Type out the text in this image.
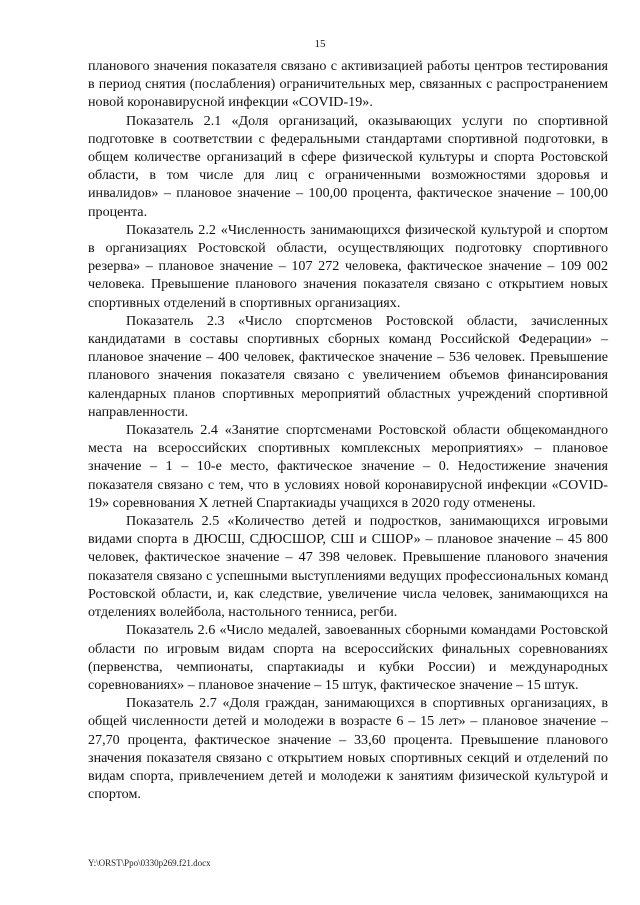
15

планового значения показателя связано с активизацией работы центров тестирования в период снятия (послабления) ограничительных мер, связанных с распространением новой коронавирусной инфекции «COVID-19».

Показатель 2.1 «Доля организаций, оказывающих услуги по спортивной подготовке в соответствии с федеральными стандартами спортивной подготовки, в общем количестве организаций в сфере физической культуры и спорта Ростовской области, в том числе для лиц с ограниченными возможностями здоровья и инвалидов» – плановое значение – 100,00 процента, фактическое значение – 100,00 процента.

Показатель 2.2 «Численность занимающихся физической культурой и спортом в организациях Ростовской области, осуществляющих подготовку спортивного резерва» – плановое значение – 107 272 человека, фактическое значение – 109 002 человека. Превышение планового значения показателя связано с открытием новых спортивных отделений в спортивных организациях.

Показатель 2.3 «Число спортсменов Ростовской области, зачисленных кандидатами в составы спортивных сборных команд Российской Федерации» – плановое значение – 400 человек, фактическое значение – 536 человек. Превышение планового значения показателя связано с увеличением объемов финансирования календарных планов спортивных мероприятий областных учреждений спортивной направленности.

Показатель 2.4 «Занятие спортсменами Ростовской области общекомандного места на всероссийских спортивных комплексных мероприятиях» – плановое значение – 1 – 10-е место, фактическое значение – 0. Недостижение значения показателя связано с тем, что в условиях новой коронавирусной инфекции «COVID-19» соревнования X летней Спартакиады учащихся в 2020 году отменены.

Показатель 2.5 «Количество детей и подростков, занимающихся игровыми видами спорта в ДЮСШ, СДЮСШОР, СШ и СШОР» – плановое значение – 45 800 человек, фактическое значение – 47 398 человек. Превышение планового значения показателя связано с успешными выступлениями ведущих профессиональных команд Ростовской области, и, как следствие, увеличение числа человек, занимающихся на отделениях волейбола, настольного тенниса, регби.

Показатель 2.6 «Число медалей, завоеванных сборными командами Ростовской области по игровым видам спорта на всероссийских финальных соревнованиях (первенства, чемпионаты, спартакиады и кубки России) и международных соревнованиях» – плановое значение – 15 штук, фактическое значение – 15 штук.

Показатель 2.7 «Доля граждан, занимающихся в спортивных организациях, в общей численности детей и молодежи в возрасте 6 – 15 лет» – плановое значение – 27,70 процента, фактическое значение – 33,60 процента. Превышение планового значения показателя связано с открытием новых спортивных секций и отделений по видам спорта, привлечением детей и молодежи к занятиям физической культурой и спортом.

Y:\ORST\Ppo\0330p269.f21.docx
